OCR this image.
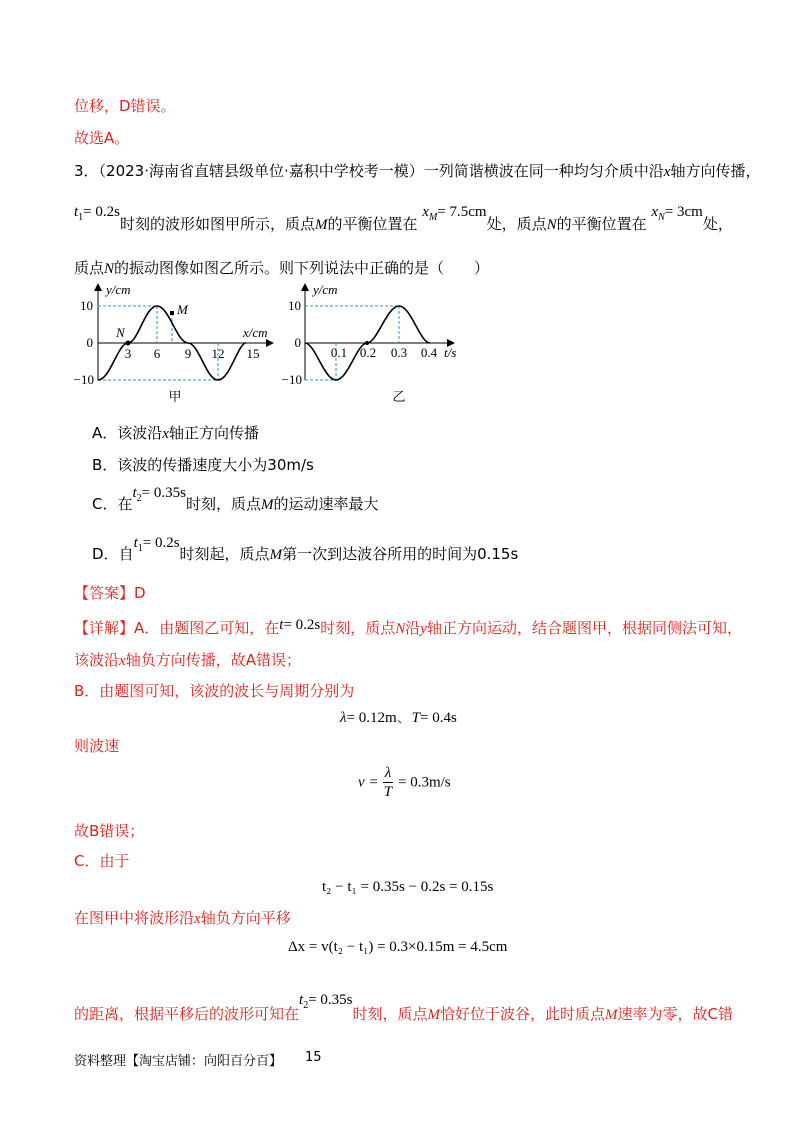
位移，D错误。
故选A。
3．（2023·海南省直辖县级单位·嘉积中学校考一模）一列简谐横波在同一种均匀介质中沿x轴方向传播，
$t_1= 0.2s$时刻的波形如图甲所示，质点M的平衡位置在 $x_M= 7.5cm$处，质点N的平衡位置在 $x_N= 3cm$处，
质点N的振动图像如图乙所示。则下列说法中正确的是（　　）
10
0
−10
y/cm
x/cm
3 6 9 12 15
N
M
甲
10
0
−10
y/cm
t/s
0.1 0.2 0.3 0.4
乙
A．该波沿x轴正方向传播
B．该波的传播速度大小为30m/s
C．在$t_2= 0.35s$时刻，质点M的运动速率最大
D．自$t_1= 0.2s$时刻起，质点M第一次到达波谷所用的时间为0.15s
【答案】D
【详解】A．由题图乙可知，在t= 0.2s时刻，质点N沿y轴正方向运动，结合题图甲，根据同侧法可知，
该波沿x轴负方向传播，故A错误；
B．由题图可知，该波的波长与周期分别为
λ= 0.12m、T= 0.4s
则波速
$v = \frac{\lambda}{T} = 0.3m/s$
故B错误；
C．由于
t₂ − t₁ = 0.35s − 0.2s = 0.15s
在图甲中将波形沿x轴负方向平移
Δx = v(t₂ − t₁) = 0.3×0.15m = 4.5cm
的距离，根据平移后的波形可知在$t_2= 0.35s$时刻，质点M恰好位于波谷，此时质点M速率为零，故C错
资料整理【淘宝店铺：向阳百分百】 15
